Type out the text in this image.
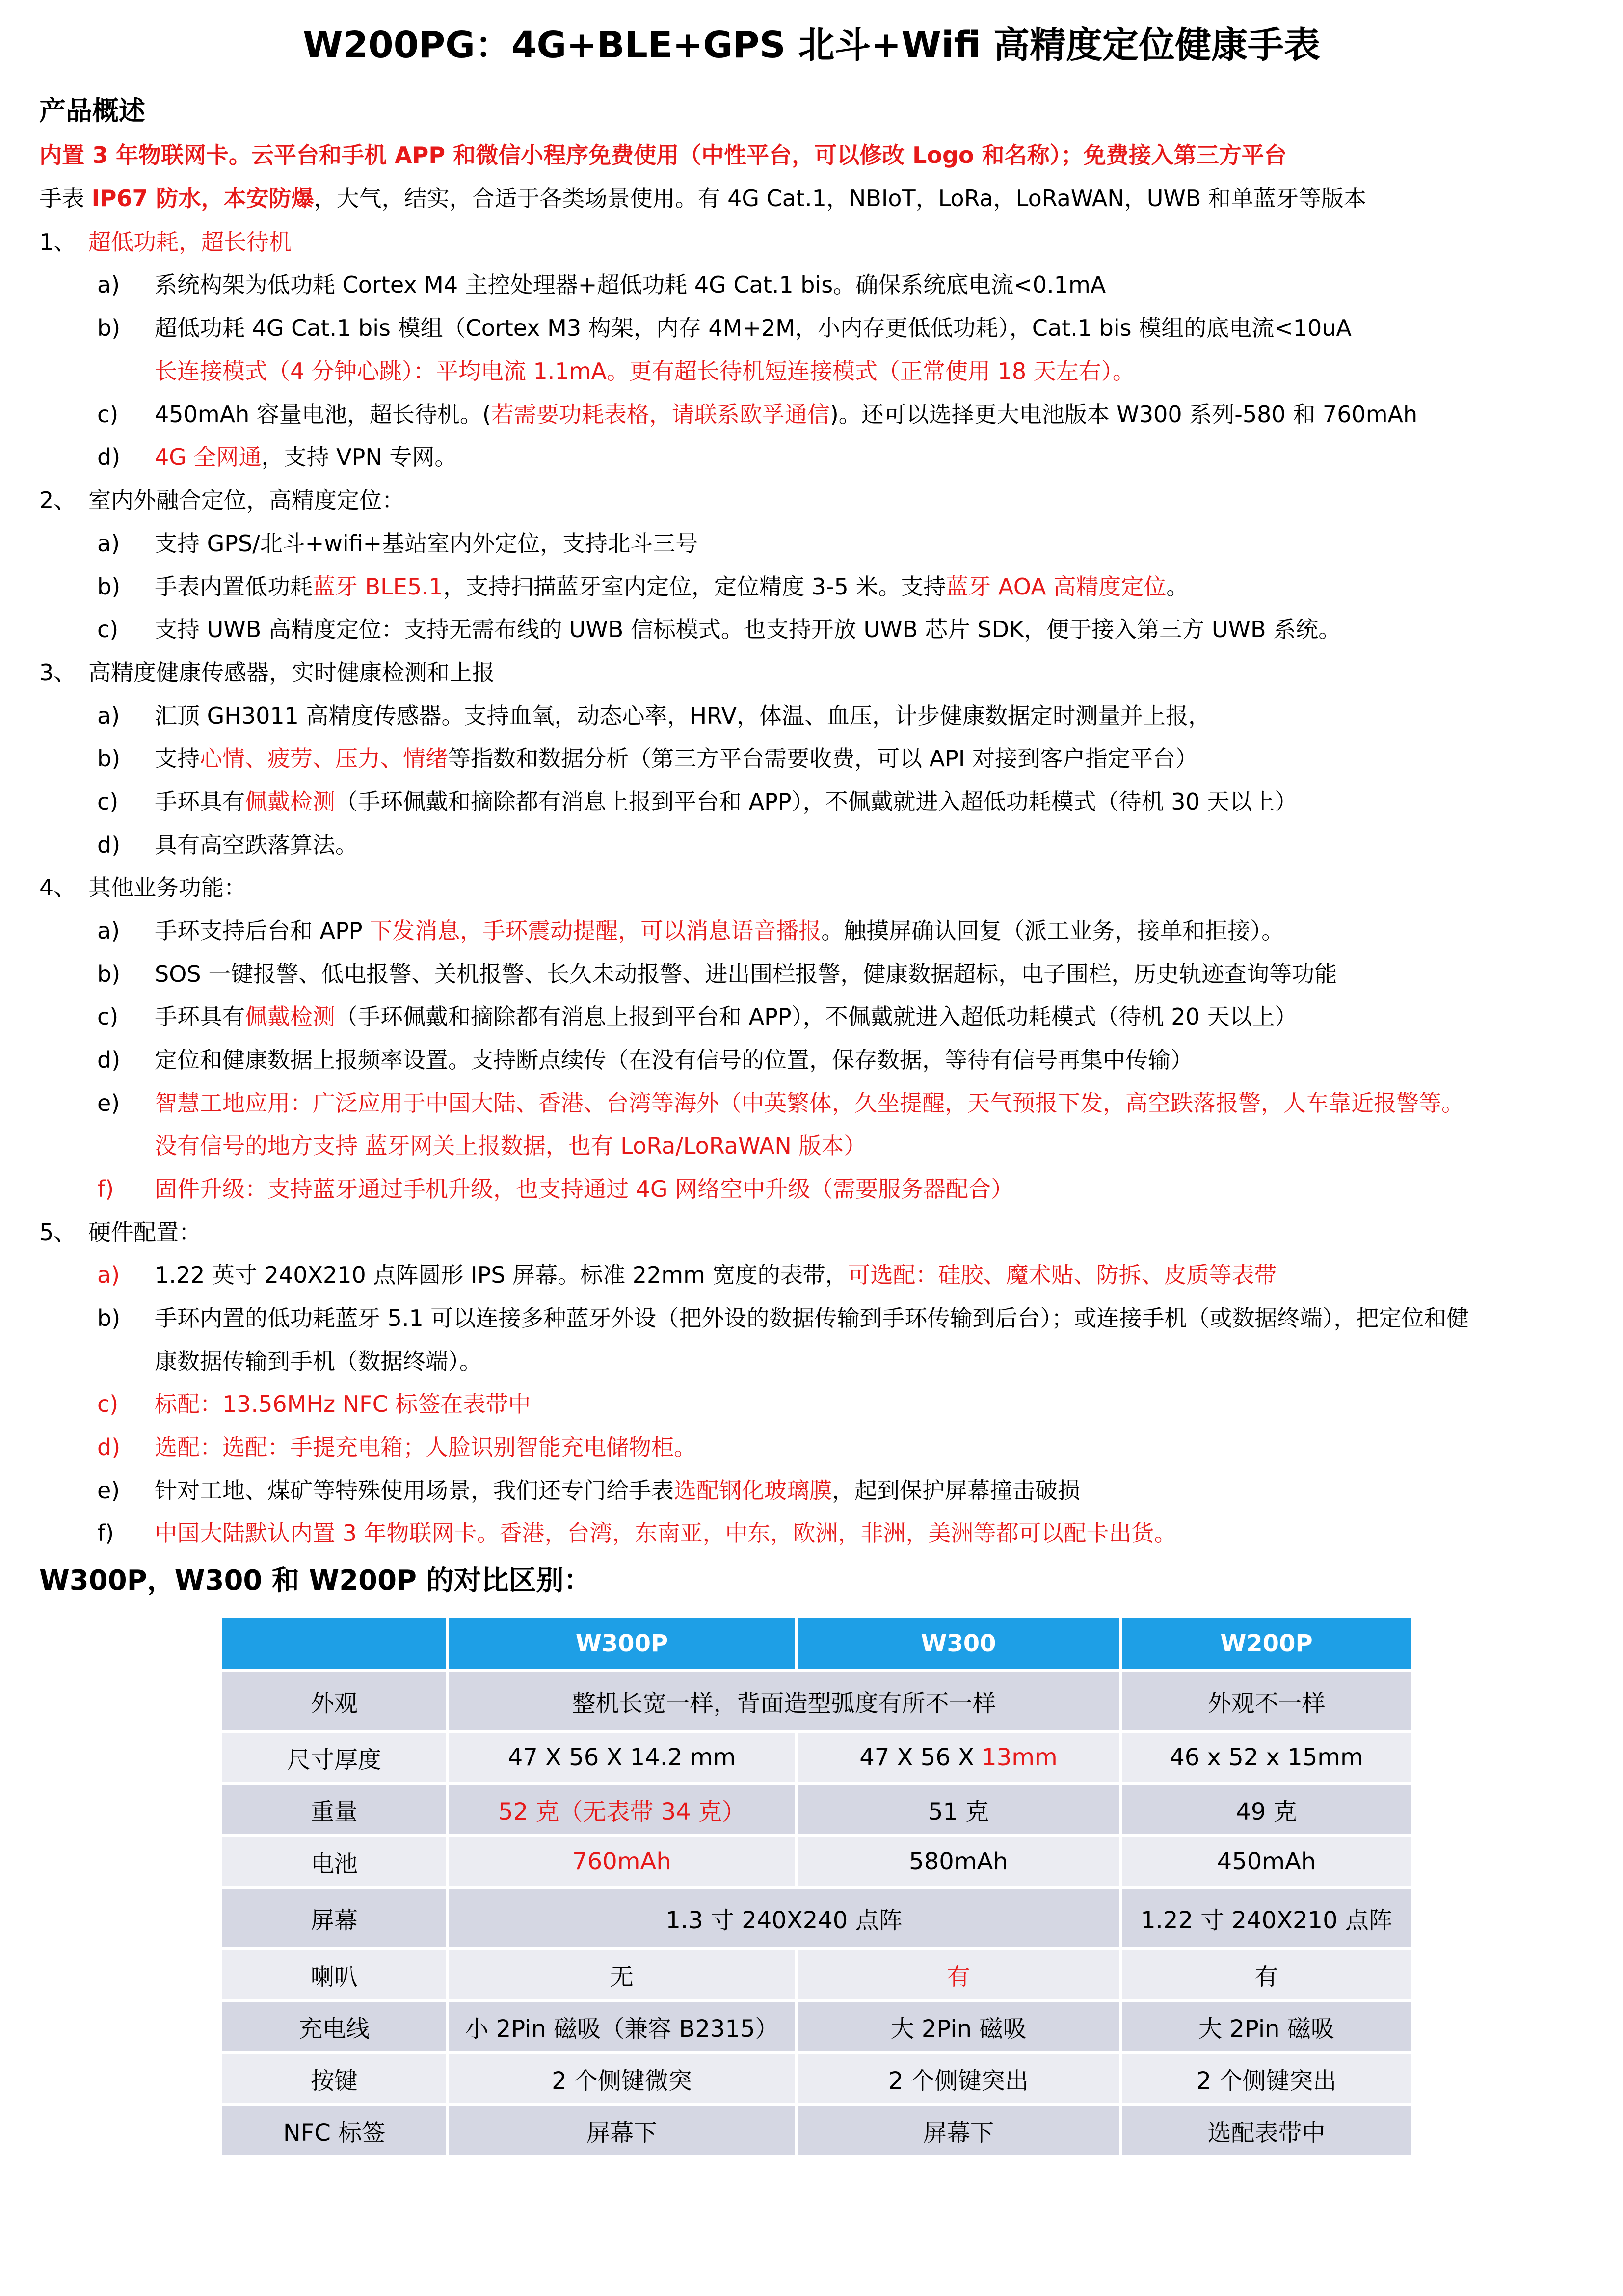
W200PG：4G+BLE+GPS 北斗+Wifi 高精度定位健康手表
产品概述
内置 3 年物联网卡。云平台和手机 APP 和微信小程序免费使用（中性平台，可以修改 Logo 和名称）；免费接入第三方平台
手表 IP67 防水，本安防爆，大气，结实，合适于各类场景使用。有 4G Cat.1，NBIoT，LoRa，LoRaWAN，UWB 和单蓝牙等版本
1、 超低功耗，超长待机
a)	系统构架为低功耗 Cortex M4 主控处理器+超低功耗 4G Cat.1 bis。确保系统底电流<0.1mA
b)	超低功耗 4G Cat.1 bis 模组（Cortex M3 构架，内存 4M+2M，小内存更低低功耗），Cat.1 bis 模组的底电流<10uA
长连接模式（4 分钟心跳）：平均电流 1.1mA。更有超长待机短连接模式（正常使用 18 天左右）。
c)	450mAh 容量电池，超长待机。(若需要功耗表格，请联系欧孚通信)。还可以选择更大电池版本 W300 系列-580 和 760mAh
d)	4G 全网通，支持 VPN 专网。
2、 室内外融合定位，高精度定位：
a)	支持 GPS/北斗+wifi+基站室内外定位，支持北斗三号
b)	手表内置低功耗蓝牙 BLE5.1，支持扫描蓝牙室内定位，定位精度 3-5 米。支持蓝牙 AOA 高精度定位。
c)	支持 UWB 高精度定位：支持无需布线的 UWB 信标模式。也支持开放 UWB 芯片 SDK，便于接入第三方 UWB 系统。
3、 高精度健康传感器，实时健康检测和上报
a)	汇顶 GH3011 高精度传感器。支持血氧，动态心率，HRV，体温、血压，计步健康数据定时测量并上报，
b)	支持心情、疲劳、压力、情绪等指数和数据分析（第三方平台需要收费，可以 API 对接到客户指定平台）
c)	手环具有佩戴检测（手环佩戴和摘除都有消息上报到平台和 APP），不佩戴就进入超低功耗模式（待机 30 天以上）
d)	具有高空跌落算法。
4、 其他业务功能：
a)	手环支持后台和 APP 下发消息，手环震动提醒，可以消息语音播报。触摸屏确认回复（派工业务，接单和拒接）。
b)	SOS 一键报警、低电报警、关机报警、长久未动报警、进出围栏报警，健康数据超标，电子围栏，历史轨迹查询等功能
c)	手环具有佩戴检测（手环佩戴和摘除都有消息上报到平台和 APP），不佩戴就进入超低功耗模式（待机 20 天以上）
d)	定位和健康数据上报频率设置。支持断点续传（在没有信号的位置，保存数据，等待有信号再集中传输）
e)	智慧工地应用：广泛应用于中国大陆、香港、台湾等海外（中英繁体，久坐提醒，天气预报下发，高空跌落报警，人车靠近报警等。
没有信号的地方支持 蓝牙网关上报数据，也有 LoRa/LoRaWAN 版本）
f)	固件升级：支持蓝牙通过手机升级，也支持通过 4G 网络空中升级（需要服务器配合）
5、 硬件配置：
a)	1.22 英寸 240X210 点阵圆形 IPS 屏幕。标准 22mm 宽度的表带，可选配：硅胶、魔术贴、防拆、皮质等表带
b)	手环内置的低功耗蓝牙 5.1 可以连接多种蓝牙外设（把外设的数据传输到手环传输到后台）；或连接手机（或数据终端），把定位和健
康数据传输到手机（数据终端）。
c)	标配：13.56MHz NFC 标签在表带中
d)	选配：选配：手提充电箱；人脸识别智能充电储物柜。
e)	针对工地、煤矿等特殊使用场景，我们还专门给手表选配钢化玻璃膜，起到保护屏幕撞击破损
f)	中国大陆默认内置 3 年物联网卡。香港，台湾，东南亚，中东，欧洲，非洲，美洲等都可以配卡出货。
W300P，W300 和 W200P 的对比区别：
	W300P	W300	W200P
外观	整机长宽一样，背面造型弧度有所不一样		外观不一样
尺寸厚度	47 X 56 X 14.2 mm	47 X 56 X 13mm	46 x 52 x 15mm
重量	52 克（无表带 34 克）	51 克	49 克
电池	760mAh	580mAh	450mAh
屏幕	1.3 寸 240X240 点阵		1.22 寸 240X210 点阵
喇叭	无	有	有
充电线	小 2Pin 磁吸（兼容 B2315）	大 2Pin 磁吸	大 2Pin 磁吸
按键	2 个侧键微突	2 个侧键突出	2 个侧键突出
NFC 标签	屏幕下	屏幕下	选配表带中
